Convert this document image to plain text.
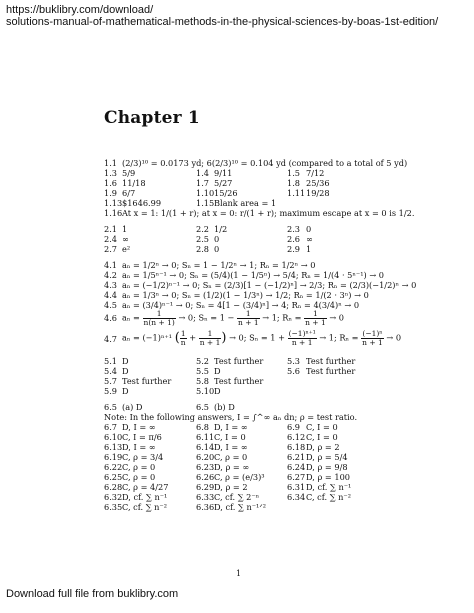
https://buklibry.com/download/
solutions-manual-of-mathematical-methods-in-the-physical-sciences-by-boas-1st-edition/
Chapter 1
1.1 (2/3)¹⁰ = 0.0173 yd; 6(2/3)¹⁰ = 0.104 yd (compared to a total of 5 yd)
1.3 5/9	1.4 9/11	1.5 7/12
1.6 11/18	1.7 5/27	1.8 25/36
1.9 6/7	1.10 15/26	1.11 19/28
1.13 $1646.99	1.15 Blank area = 1
1.16 At x = 1: 1/(1 + r); at x = 0: r/(1 + r); maximum escape at x = 0 is 1/2.
2.1 1	2.2 1/2	2.3 0
2.4 ∞	2.5 0	2.6 ∞
2.7 e²	2.8 0	2.9 1
4.1 aₙ = 1/2ⁿ → 0; Sₙ = 1 − 1/2ⁿ → 1; Rₙ = 1/2ⁿ → 0
4.2 aₙ = 1/5ⁿ⁻¹ → 0; Sₙ = (5/4)(1 − 1/5ⁿ) → 5/4; Rₙ = 1/(4 · 5ⁿ⁻¹) → 0
4.3 aₙ = (−1/2)ⁿ⁻¹ → 0; Sₙ = (2/3)[1 − (−1/2)ⁿ] → 2/3; Rₙ = (2/3)(−1/2)ⁿ → 0
4.4 aₙ = 1/3ⁿ → 0; Sₙ = (1/2)(1 − 1/3ⁿ) → 1/2; Rₙ = 1/(2 · 3ⁿ) → 0
4.5 aₙ = (3/4)ⁿ⁻¹ → 0; Sₙ = 4[1 − (3/4)ⁿ] → 4; Rₙ = 4(3/4)ⁿ → 0
4.6 $a_n = \frac{1}{n(n + 1)} \to 0$; $S_n = 1 - \frac{1}{n + 1} \to 1$; $R_n = \frac{1}{n + 1} \to 0$
4.7 aₙ = (−1)ⁿ⁺¹ ( $\frac{1}{n} + \frac{1}{n + 1}$ ) → 0; $S_n = 1 + \frac{\text{(−1)ⁿ⁺¹}}{n + 1} \to 1$; $R_n = \frac{\text{(−1)ⁿ}}{n + 1} \to 0$
5.1 D	5.2 Test further	5.3 Test further
5.4 D	5.5 D	5.6 Test further
5.7 Test further	5.8 Test further
5.9 D	5.10 D
6.5 (a) D	6.5 (b) D
Note: In the following answers, I = ∫^∞ aₙ dn; ρ = test ratio.
6.7 D, I = ∞	6.8 D, I = ∞	6.9 C, I = 0
6.10 C, I = π/6	6.11 C, I = 0	6.12 C, I = 0
6.13 D, I = ∞	6.14 D, I = ∞	6.18 D, ρ = 2
6.19 C, ρ = 3/4	6.20 C, ρ = 0	6.21 D, ρ = 5/4
6.22 C, ρ = 0	6.23 D, ρ = ∞	6.24 D, ρ = 9/8
6.25 C, ρ = 0	6.26 C, ρ = (e/3)³	6.27 D, ρ = 100
6.28 C, ρ = 4/27	6.29 D, ρ = 2	6.31 D, cf. ∑ n⁻¹
6.32 D, cf. ∑ n⁻¹	6.33 C, cf. ∑ 2⁻ⁿ	6.34 C, cf. ∑ n⁻²
6.35 C, cf. ∑ n⁻²	6.36 D, cf. ∑ n⁻¹ᐟ²
1
Download full file from buklibry.com
